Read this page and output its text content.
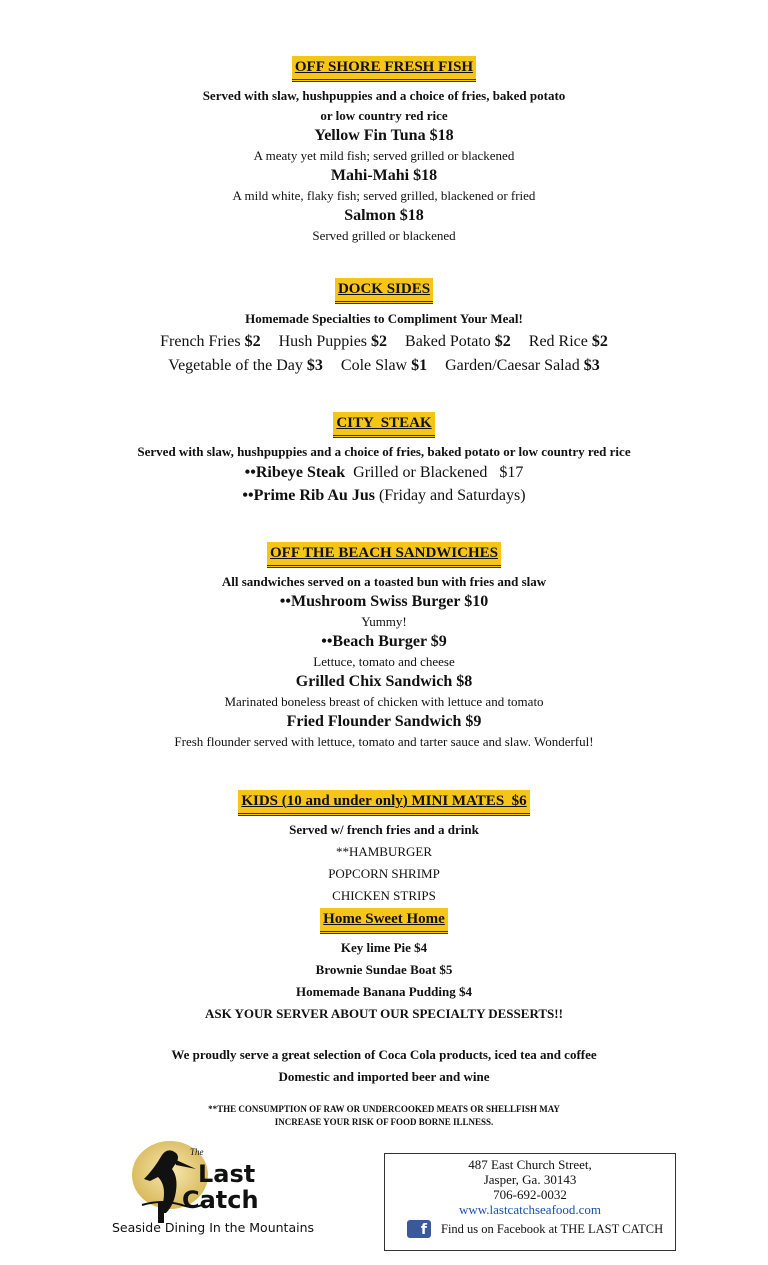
OFF SHORE FRESH FISH
Served with slaw, hushpuppies and a choice of fries, baked potato
or low country red rice
Yellow Fin Tuna $18
A meaty yet mild fish; served grilled or blackened
Mahi-Mahi $18
A mild white, flaky fish; served grilled, blackened or fried
Salmon $18
Served grilled or blackened
DOCK SIDES
Homemade Specialties to Compliment Your Meal!
French Fries $2 Hush Puppies $2 Baked Potato $2 Red Rice $2
Vegetable of the Day $3 Cole Slaw $1 Garden/Caesar Salad $3
CITY  STEAK
Served with slaw, hushpuppies and a choice of fries, baked potato or low country red rice
••Ribeye Steak Grilled or Blackened   $17
••Prime Rib Au Jus (Friday and Saturdays)
OFF THE BEACH SANDWICHES
All sandwiches served on a toasted bun with fries and slaw
••Mushroom Swiss Burger $10
Yummy!
••Beach Burger $9
Lettuce, tomato and cheese
Grilled Chix Sandwich $8
Marinated boneless breast of chicken with lettuce and tomato
Fried Flounder Sandwich $9
Fresh flounder served with lettuce, tomato and tarter sauce and slaw. Wonderful!
KIDS (10 and under only) MINI MATES  $6
Served w/ french fries and a drink
**HAMBURGER
POPCORN SHRIMP
CHICKEN STRIPS
Home Sweet Home
Key lime Pie $4
Brownie Sundae Boat $5
Homemade Banana Pudding $4
ASK YOUR SERVER ABOUT OUR SPECIALTY DESSERTS!!
We proudly serve a great selection of Coca Cola products, iced tea and coffee
Domestic and imported beer and wine
**THE CONSUMPTION OF RAW OR UNDERCOOKED MEATS OR SHELLFISH MAY
INCREASE YOUR RISK OF FOOD BORNE ILLNESS.
The
Last
Catch
Seaside Dining In the Mountains
487 East Church Street,
Jasper, Ga. 30143
706-692-0032
www.lastcatchseafood.com
f	Find us on Facebook at THE LAST CATCH
